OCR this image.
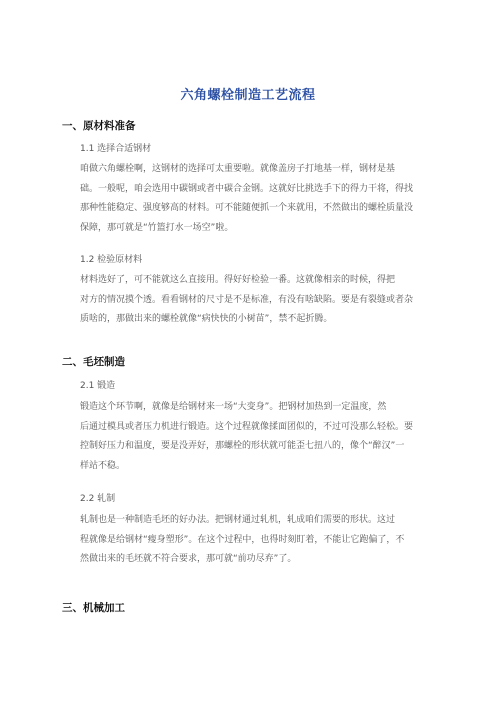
六角螺栓制造工艺流程
一、原材料准备
1.1 选择合适钢材
咱做六角螺栓啊，这钢材的选择可太重要啦。就像盖房子打地基一样，钢材是基
础。一般呢，咱会选用中碳钢或者中碳合金钢。这就好比挑选手下的得力干将，得找
那种性能稳定、强度够高的材料。可不能随便抓一个来就用，不然做出的螺栓质量没
保障，那可就是“竹篮打水一场空”啦。
1.2 检验原材料
材料选好了，可不能就这么直接用。得好好检验一番。这就像相亲的时候，得把
对方的情况摸个透。看看钢材的尺寸是不是标准，有没有啥缺陷。要是有裂缝或者杂
质啥的，那做出来的螺栓就像“病快快的小树苗”，禁不起折腾。
二、毛坯制造
2.1 锻造
锻造这个环节啊，就像是给钢材来一场“大变身”。把钢材加热到一定温度，然
后通过模具或者压力机进行锻造。这个过程就像揉面团似的，不过可没那么轻松。要
控制好压力和温度，要是没弄好，那螺栓的形状就可能歪七扭八的，像个“醉汉”一
样站不稳。
2.2 轧制
轧制也是一种制造毛坯的好办法。把钢材通过轧机，轧成咱们需要的形状。这过
程就像是给钢材“瘦身塑形”。在这个过程中，也得时刻盯着，不能让它跑偏了，不
然做出来的毛坯就不符合要求，那可就“前功尽弃”了。
三、机械加工
